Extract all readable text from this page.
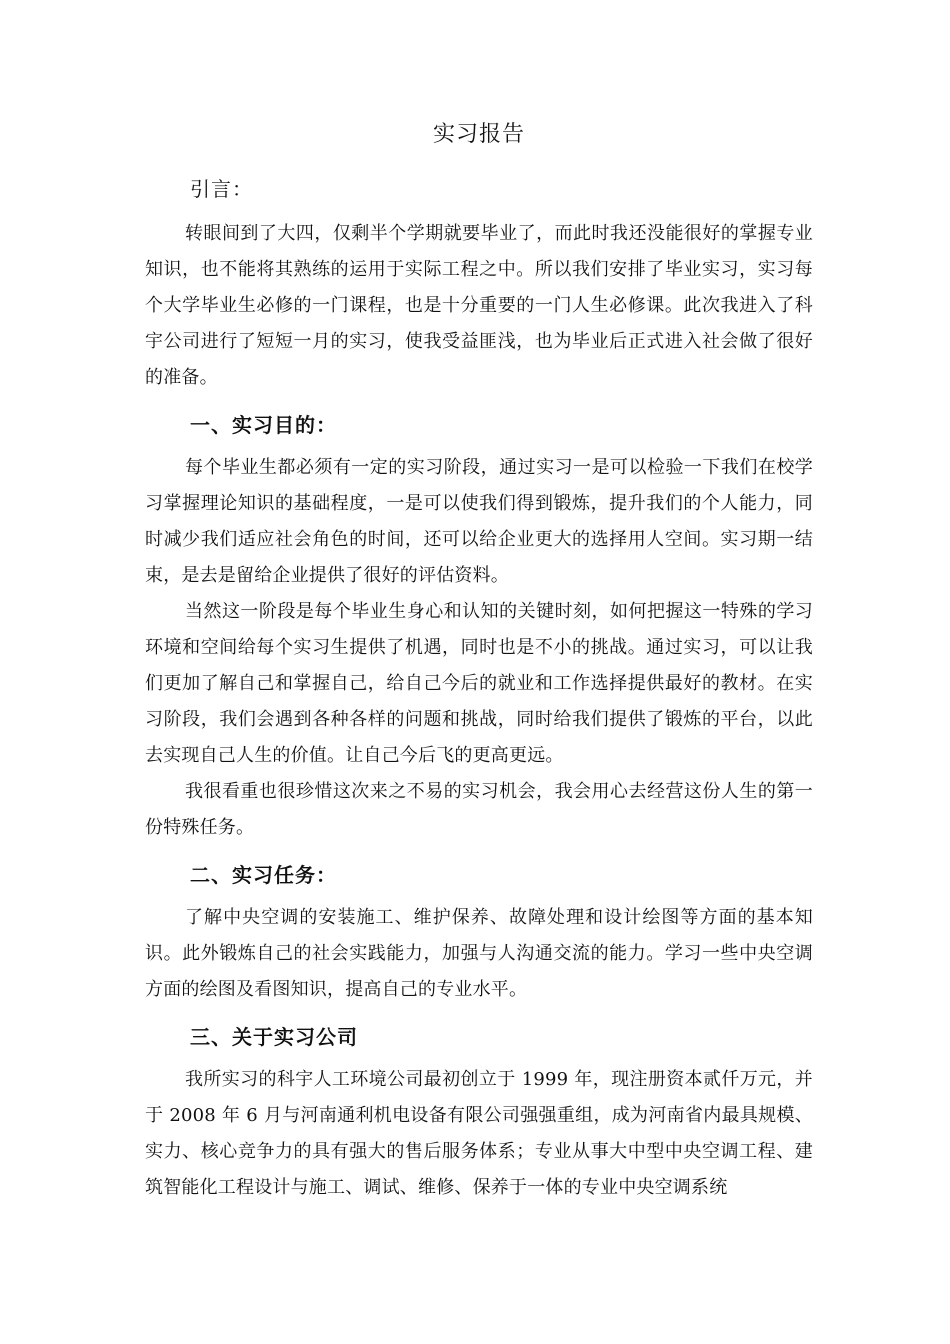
实习报告
引言：

转眼间到了大四，仅剩半个学期就要毕业了，而此时我还没能很好的掌握专业知识，也不能将其熟练的运用于实际工程之中。所以我们安排了毕业实习，实习每个大学毕业生必修的一门课程，也是十分重要的一门人生必修课。此次我进入了科宇公司进行了短短一月的实习，使我受益匪浅，也为毕业后正式进入社会做了很好的准备。

一、实习目的：

每个毕业生都必须有一定的实习阶段，通过实习一是可以检验一下我们在校学习掌握理论知识的基础程度，一是可以使我们得到锻炼，提升我们的个人能力，同时减少我们适应社会角色的时间，还可以给企业更大的选择用人空间。实习期一结束，是去是留给企业提供了很好的评估资料。

当然这一阶段是每个毕业生身心和认知的关键时刻，如何把握这一特殊的学习环境和空间给每个实习生提供了机遇，同时也是不小的挑战。通过实习，可以让我们更加了解自己和掌握自己，给自己今后的就业和工作选择提供最好的教材。在实习阶段，我们会遇到各种各样的问题和挑战，同时给我们提供了锻炼的平台，以此去实现自己人生的价值。让自己今后飞的更高更远。

我很看重也很珍惜这次来之不易的实习机会，我会用心去经营这份人生的第一份特殊任务。

二、实习任务：

了解中央空调的安装施工、维护保养、故障处理和设计绘图等方面的基本知识。此外锻炼自己的社会实践能力，加强与人沟通交流的能力。学习一些中央空调方面的绘图及看图知识，提高自己的专业水平。

三、关于实习公司

我所实习的科宇人工环境公司最初创立于 1999 年，现注册资本贰仟万元，并于 2008 年 6 月与河南通利机电设备有限公司强强重组，成为河南省内最具规模、实力、核心竞争力的具有强大的售后服务体系；专业从事大中型中央空调工程、建筑智能化工程设计与施工、调试、维修、保养于一体的专业中央空调系统
